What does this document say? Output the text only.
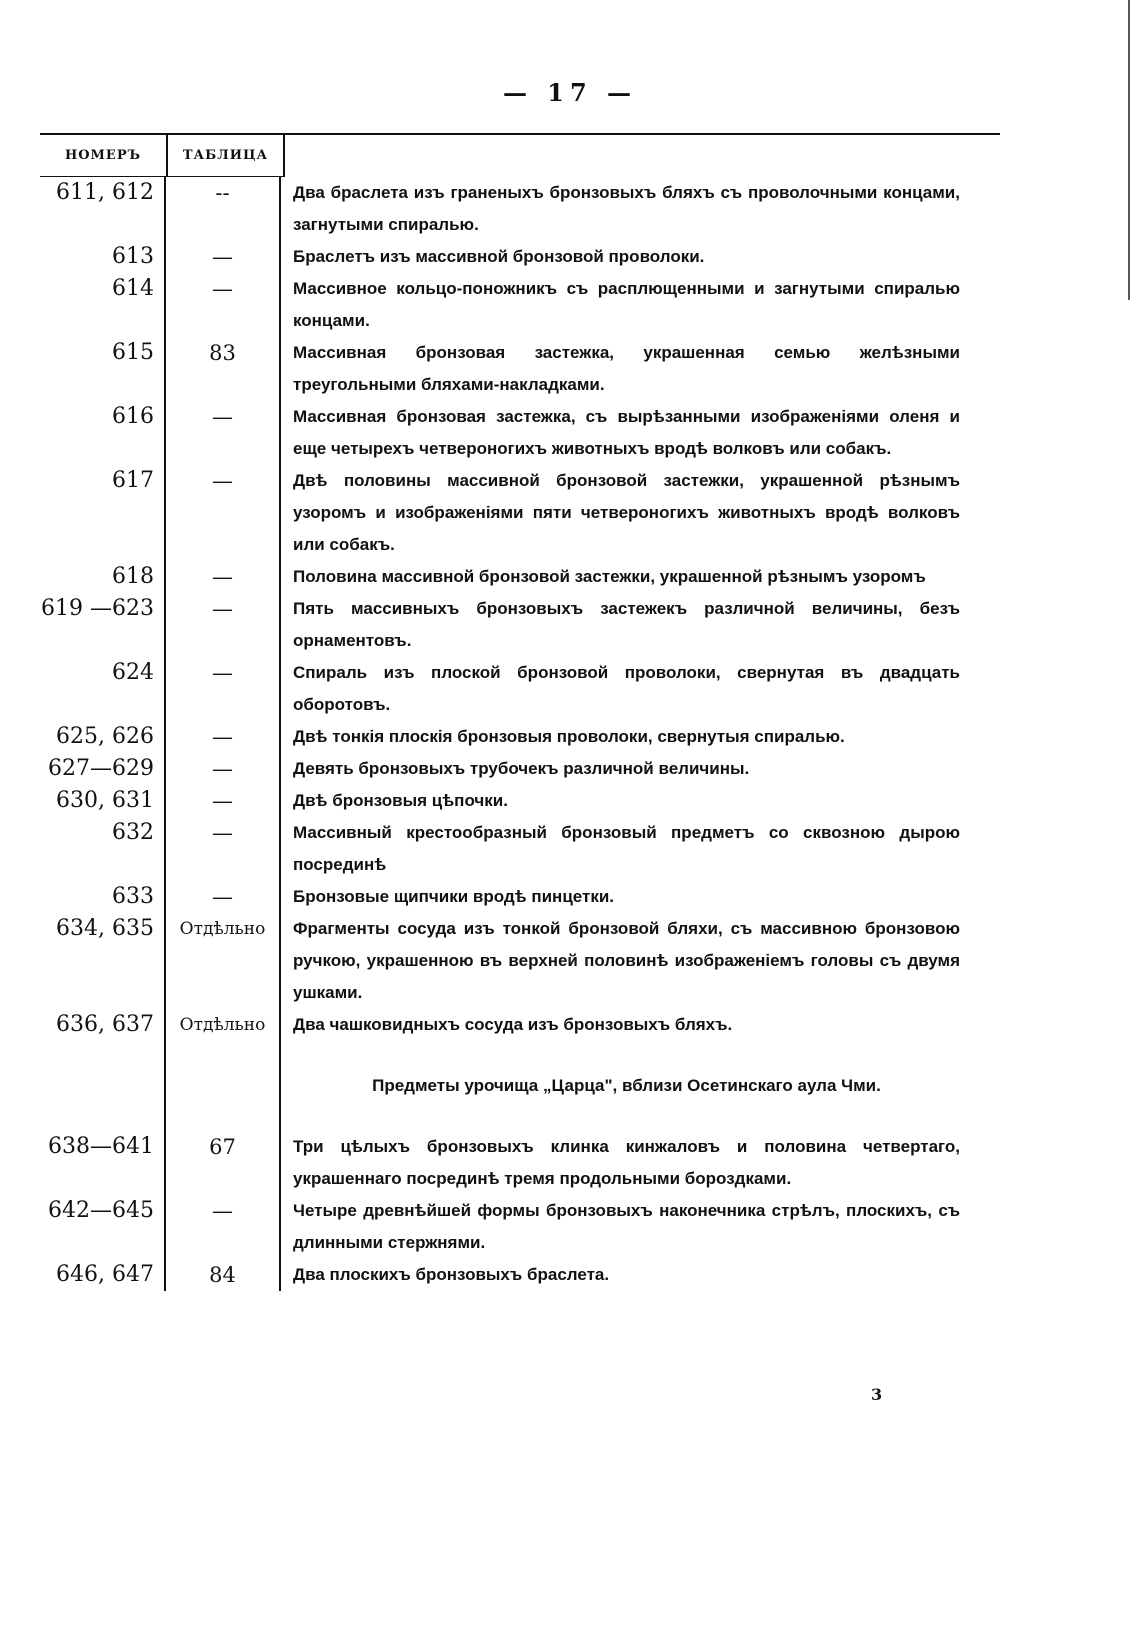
— 17 —
НОМЕРЪ	ТАБЛИЦА
611, 612	--	Два браслета изъ граненыхъ бронзовыхъ бляхъ съ проволочными концами, загнутыми спиралью.
613	—	Браслетъ изъ массивной бронзовой проволоки.
614	—	Массивное кольцо-поножникъ съ расплющенными и загнутыми спиралью концами.
615	83	Массивная бронзовая застежка, украшенная семью желѣзными треугольными бляхами-накладками.
616	—	Массивная бронзовая застежка, съ вырѣзанными изображеніями оленя и еще четырехъ четвероногихъ животныхъ вродѣ волковъ или собакъ.
617	—	Двѣ половины массивной бронзовой застежки, украшенной рѣзнымъ узоромъ и изображеніями пяти четвероногихъ животныхъ вродѣ волковъ или собакъ.
618	—	Половина массивной бронзовой застежки, украшенной рѣзнымъ узоромъ
619 —623	—	Пять массивныхъ бронзовыхъ застежекъ различной величины, безъ орнаментовъ.
624	—	Спираль изъ плоской бронзовой проволоки, свернутая въ двадцать оборотовъ.
625, 626	—	Двѣ тонкія плоскія бронзовыя проволоки, свернутыя спиралью.
627—629	—	Девять бронзовыхъ трубочекъ различной величины.
630, 631	—	Двѣ бронзовыя цѣпочки.
632	—	Массивный крестообразный бронзовый предметъ со сквозною дырою посрединѣ
633	—	Бронзовые щипчики вродѣ пинцетки.
634, 635	Отдѣльно	Фрагменты сосуда изъ тонкой бронзовой бляхи, съ массивною бронзовою ручкою, украшенною въ верхней половинѣ изображеніемъ головы съ двумя ушками.
636, 637	Отдѣльно	Два чашковидныхъ сосуда изъ бронзовыхъ бляхъ.
Предметы урочища „Царца", вблизи Осетинскаго аула Чми.
638—641	67	Три цѣлыхъ бронзовыхъ клинка кинжаловъ и половина четвертаго, украшеннаго посрединѣ тремя продольными бороздками.
642—645	—	Четыре древнѣйшей формы бронзовыхъ наконечника стрѣлъ, плоскихъ, съ длинными стержнями.
646, 647	84	Два плоскихъ бронзовыхъ браслета.
3
